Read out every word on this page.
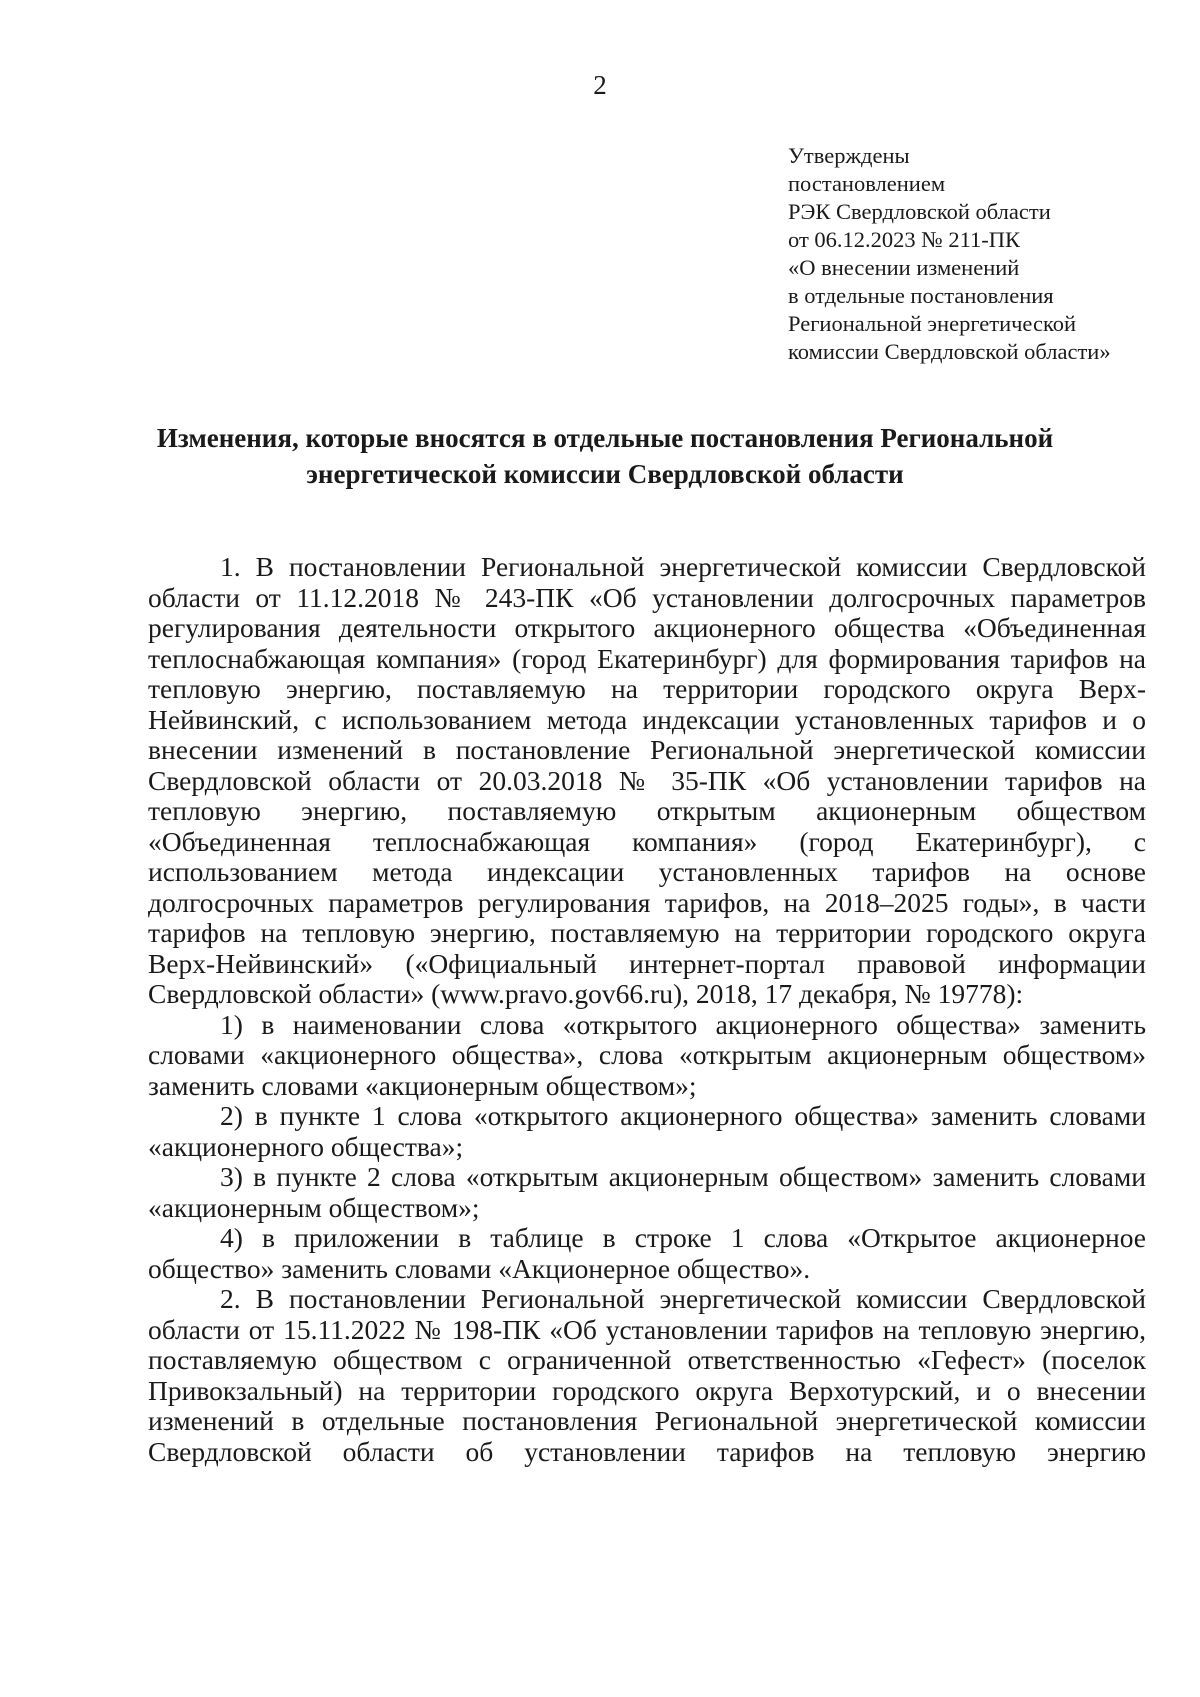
2
Утверждены
постановлением
РЭК Свердловской области
от 06.12.2023 № 211-ПК
«О внесении изменений
в отдельные постановления
Региональной энергетической
комиссии Свердловской области»
Изменения, которые вносятся в отдельные постановления Региональной
энергетической комиссии Свердловской области

1. В постановлении Региональной энергетической комиссии Свердловской области от 11.12.2018 № 243-ПК «Об установлении долгосрочных параметров регулирования деятельности открытого акционерного общества «Объединенная теплоснабжающая компания» (город Екатеринбург) для формирования тарифов на тепловую энергию, поставляемую на территории городского округа Верх-Нейвинский, с использованием метода индексации установленных тарифов и о внесении изменений в постановление Региональной энергетической комиссии Свердловской области от 20.03.2018 № 35-ПК «Об установлении тарифов на тепловую энергию, поставляемую открытым акционерным обществом «Объединенная теплоснабжающая компания» (город Екатеринбург), с использованием метода индексации установленных тарифов на основе долгосрочных параметров регулирования тарифов, на 2018–2025 годы», в части тарифов на тепловую энергию, поставляемую на территории городского округа Верх-Нейвинский» («Официальный интернет-портал правовой информации Свердловской области» (www.pravo.gov66.ru), 2018, 17 декабря, № 19778):

1) в наименовании слова «открытого акционерного общества» заменить словами «акционерного общества», слова «открытым акционерным обществом» заменить словами «акционерным обществом»;

2) в пункте 1 слова «открытого акционерного общества» заменить словами «акционерного общества»;

3) в пункте 2 слова «открытым акционерным обществом» заменить словами «акционерным обществом»;

4) в приложении в таблице в строке 1 слова «Открытое акционерное общество» заменить словами «Акционерное общество».

2. В постановлении Региональной энергетической комиссии Свердловской области от 15.11.2022 № 198-ПК «Об установлении тарифов на тепловую энергию, поставляемую обществом с ограниченной ответственностью «Гефест» (поселок Привокзальный) на территории городского округа Верхотурский, и о внесении изменений в отдельные постановления Региональной энергетической комиссии Свердловской области об установлении тарифов на тепловую энергию
